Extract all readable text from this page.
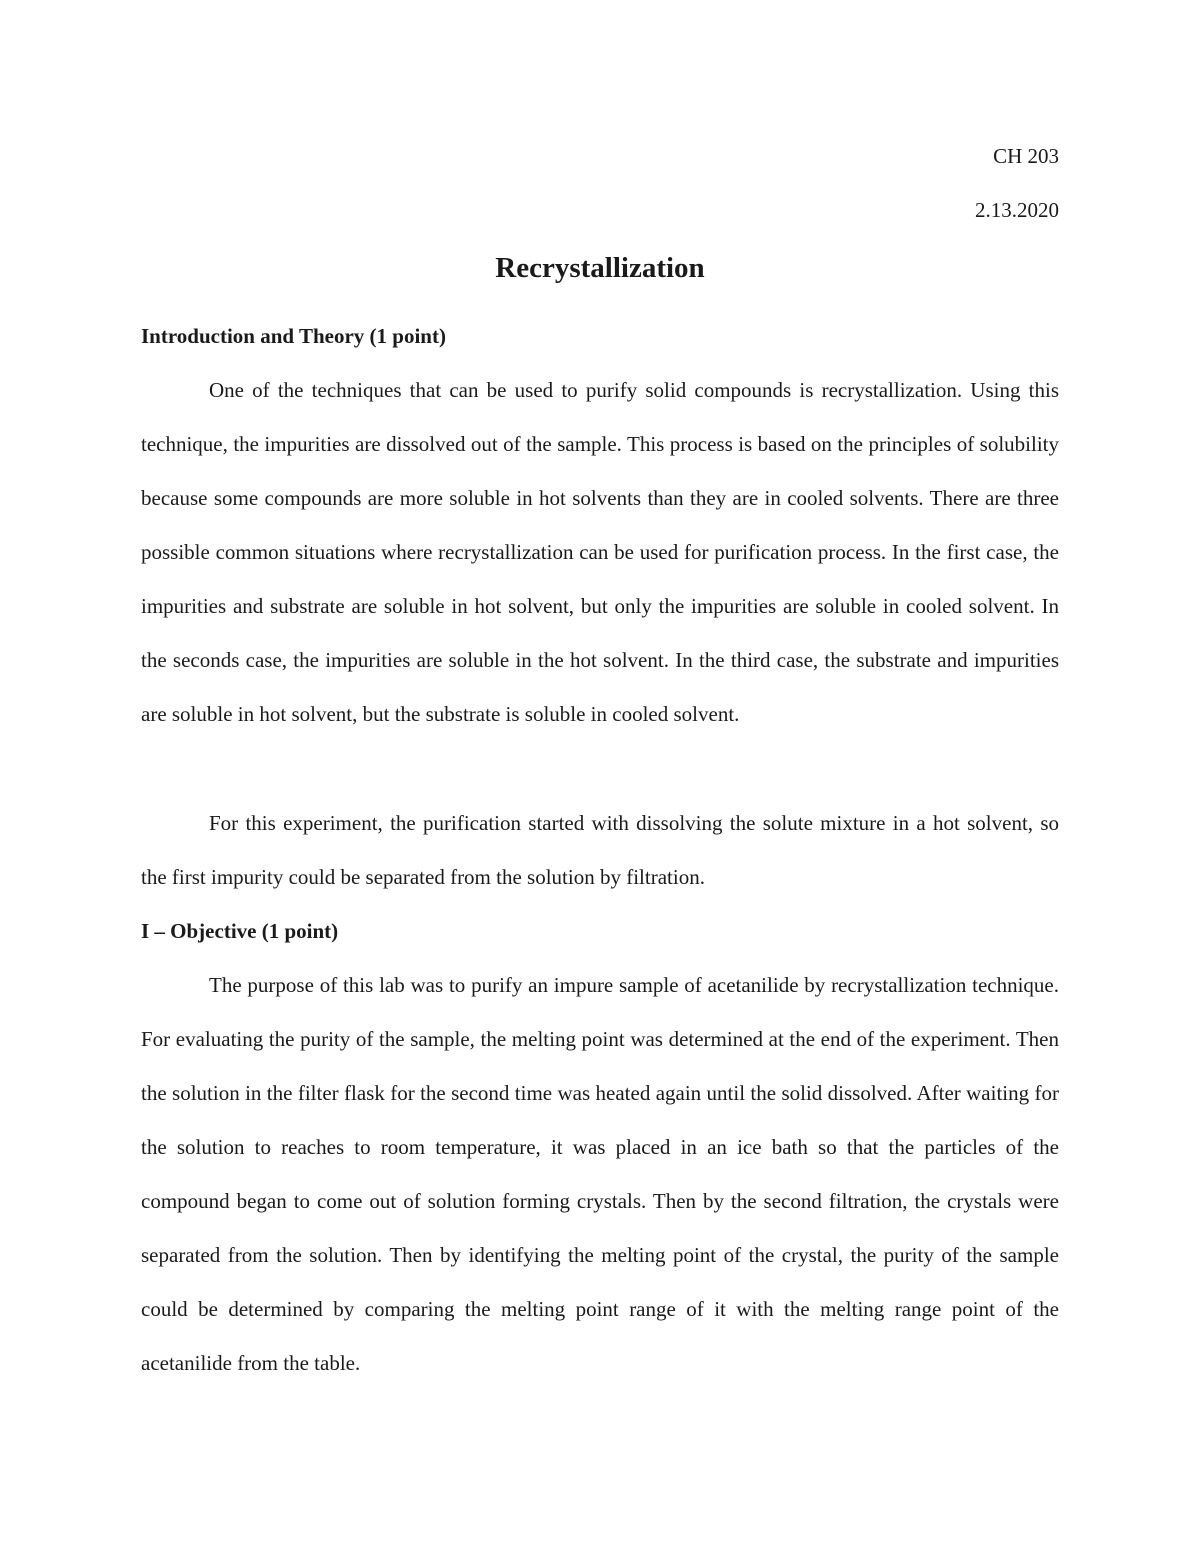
CH 203
2.13.2020
Recrystallization
Introduction and Theory (1 point)

One of the techniques that can be used to purify solid compounds is recrystallization. Using this technique, the impurities are dissolved out of the sample. This process is based on the principles of solubility because some compounds are more soluble in hot solvents than they are in cooled solvents. There are three possible common situations where recrystallization can be used for purification process. In the first case, the impurities and substrate are soluble in hot solvent, but only the impurities are soluble in cooled solvent. In the seconds case, the impurities are soluble in the hot solvent. In the third case, the substrate and impurities are soluble in hot solvent, but the substrate is soluble in cooled solvent.

For this experiment, the purification started with dissolving the solute mixture in a hot solvent, so the first impurity could be separated from the solution by filtration.

I – Objective (1 point)

The purpose of this lab was to purify an impure sample of acetanilide by recrystallization technique. For evaluating the purity of the sample, the melting point was determined at the end of the experiment. Then the solution in the filter flask for the second time was heated again until the solid dissolved. After waiting for the solution to reaches to room temperature, it was placed in an ice bath so that the particles of the compound began to come out of solution forming crystals. Then by the second filtration, the crystals were separated from the solution. Then by identifying the melting point of the crystal, the purity of the sample could be determined by comparing the melting point range of it with the melting range point of the acetanilide from the table.
